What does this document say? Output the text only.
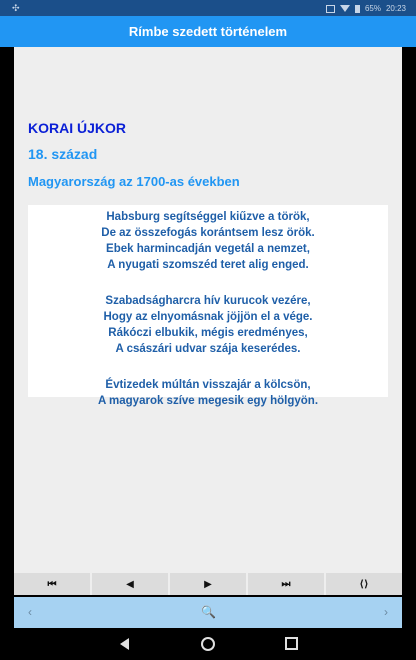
✣	65% 20:23
Rímbe szedett történelem
KORAI ÚJKOR
18. század
Magyarország az 1700-as években
Habsburg segítséggel kiűzve a török,
De az összefogás korántsem lesz örök.
Ebek harmincadján vegetál a nemzet,
A nyugati szomszéd teret alig enged.
Szabadságharcra hív kurucok vezére,
Hogy az elnyomásnak jöjjön el a vége.
Rákóczi elbukik, mégis eredményes,
A császári udvar szája keserédes.
Évtizedek múltán visszajár a kölcsön,
A magyarok szíve megesik egy hölgyön.
⏮	◀	▶	⏭	⟨⟩
‹	🔍	›
